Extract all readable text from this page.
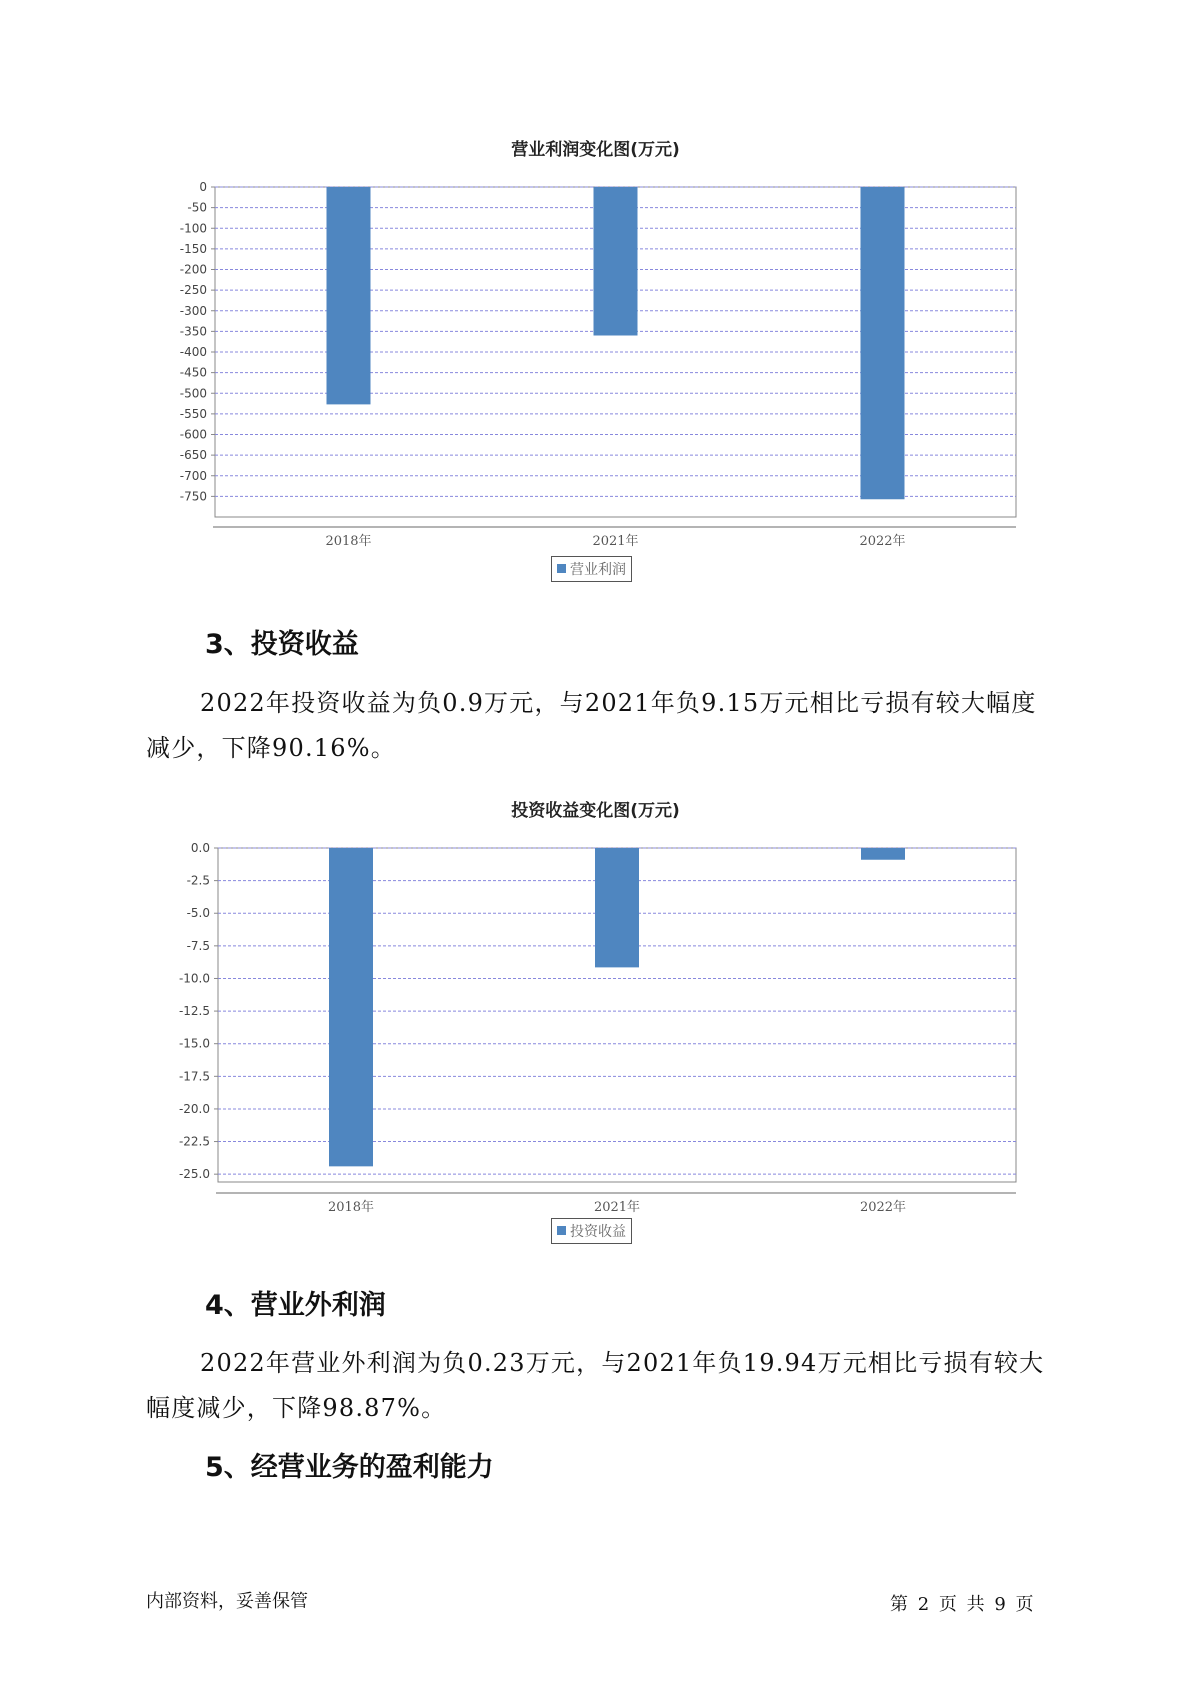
营业利润变化图(万元)
0
-50
-100
-150
-200
-250
-300
-350
-400
-450
-500
-550
-600
-650
-700
-750
2018年	2021年	2022年
营业利润
3、投资收益

2022年投资收益为负0.9万元，与2021年负9.15万元相比亏损有较大幅度减少，下降90.16%。

投资收益变化图(万元)
0.0
-2.5
-5.0
-7.5
-10.0
-12.5
-15.0
-17.5
-20.0
-22.5
-25.0
2018年	2021年	2022年
投资收益
4、营业外利润

2022年营业外利润为负0.23万元，与2021年负19.94万元相比亏损有较大幅度减少，下降98.87%。

5、经营业务的盈利能力
内部资料，妥善保管	第 2 页 共 9 页
